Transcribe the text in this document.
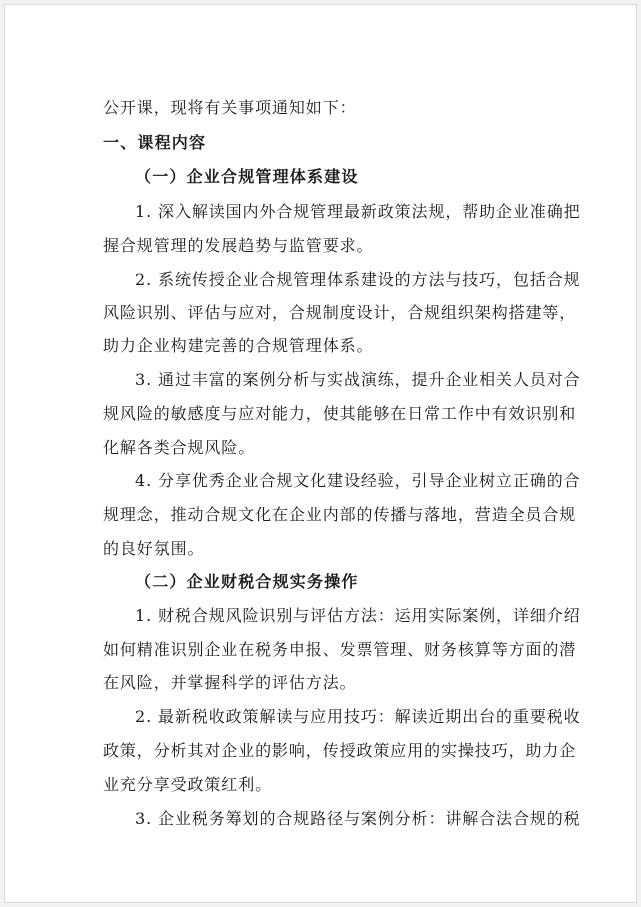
公开课，现将有关事项通知如下：
一、课程内容
（一）企业合规管理体系建设
1. 深入解读国内外合规管理最新政策法规，帮助企业准确把
握合规管理的发展趋势与监管要求。
2. 系统传授企业合规管理体系建设的方法与技巧，包括合规
风险识别、评估与应对，合规制度设计，合规组织架构搭建等，
助力企业构建完善的合规管理体系。
3. 通过丰富的案例分析与实战演练，提升企业相关人员对合
规风险的敏感度与应对能力，使其能够在日常工作中有效识别和
化解各类合规风险。
4. 分享优秀企业合规文化建设经验，引导企业树立正确的合
规理念，推动合规文化在企业内部的传播与落地，营造全员合规
的良好氛围。
（二）企业财税合规实务操作
1. 财税合规风险识别与评估方法：运用实际案例，详细介绍
如何精准识别企业在税务申报、发票管理、财务核算等方面的潜
在风险，并掌握科学的评估方法。
2. 最新税收政策解读与应用技巧：解读近期出台的重要税收
政策，分析其对企业的影响，传授政策应用的实操技巧，助力企
业充分享受政策红利。
3. 企业税务筹划的合规路径与案例分析：讲解合法合规的税
